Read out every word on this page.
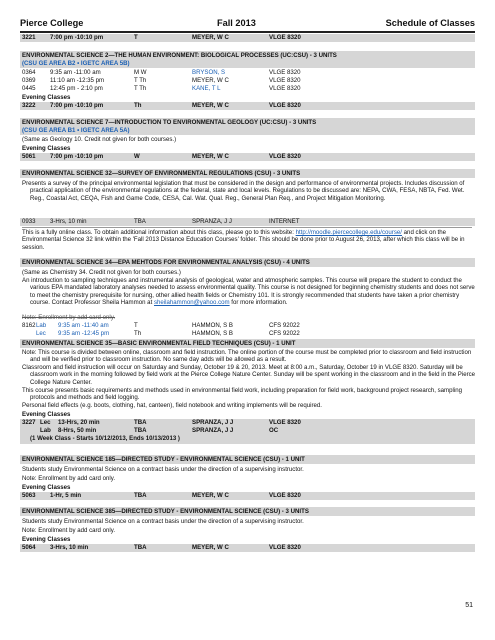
Pierce College	Fall 2013	Schedule of Classes
3221 7:00 pm -10:10 pm	T	MEYER, W C	VLGE 8320
ENVIRONMENTAL SCIENCE 2—THE HUMAN ENVIRONMENT: BIOLOGICAL PROCESSES (UC:CSU) - 3 UNITS
(CSU GE AREA B2 • IGETC AREA 5B)
0364 9:35 am -11:00 am	M W	BRYSON, S	VLGE 8320
0369 11:10 am -12:35 pm	T Th	MEYER, W C	VLGE 8320
0445 12:45 pm - 2:10 pm	T Th	KANE, T L	VLGE 8320
Evening Classes
3222 7:00 pm -10:10 pm	Th	MEYER, W C	VLGE 8320
ENVIRONMENTAL SCIENCE 7—INTRODUCTION TO ENVIRONMENTAL GEOLOGY (UC:CSU) - 3 UNITS
(CSU GE AREA B1 • IGETC AREA 5A)
(Same as Geology 10. Credit not given for both courses.)
Evening Classes
5061 7:00 pm -10:10 pm	W	MEYER, W C	VLGE 8320
ENVIRONMENTAL SCIENCE 32—SURVEY OF ENVIRONMENTAL REGULATIONS (CSU) - 3 UNITS
Presents a survey of the principal environmental legislation that must be considered in the design and performance of environmental projects. Includes discussion of practical application of the environmental regulations at the federal, state and local levels. Regulations to be discussed are: NEPA, CWA, FESA, NBTA, Fed. Wet. Reg., Coastal Act, CEQA, Fish and Game Code, CESA, Cal. Wat. Qual. Reg., General Plan Req., and Project Mitigation Monitoring.
0933 3-Hrs, 10 min	TBA	SPRANZA, J J	INTERNET
This is a fully online class. To obtain additional information about this class, please go to this website: http://moodle.piercecollege.edu/course/ and click on the Environmental Science 32 link within the 'Fall 2013 Distance Education Courses' folder. This should be done prior to August 26, 2013, after which this class will be in session.
ENVIRONMENTAL SCIENCE 34—EPA MEHTODS FOR ENVIRONMENTAL ANALYSIS (CSU) - 4 UNITS
(Same as Chemistry 34. Credit not given for both courses.)
An introduction to sampling techniques and instrumental analysis of geological, water and atmospheric samples. This course will prepare the student to conduct the various EPA mandated laboratory analyses needed to assess environmental quality. This course is not designed for beginning chemistry students and does not serve to meet the chemistry prerequisite for nursing, other allied health fields or Chemistry 101. It is strongly recommended that students have taken a prior chemistry course. Contact Professor Sheila Hammon at sheilahammon@yahoo.com for more information.
Note: Enrollment by add card only.
8162 Lab 9:35 am -11:40 am	T	HAMMON, S B	CFS 92022
Lec 9:35 am -12:45 pm	Th	HAMMON, S B	CFS 92022
ENVIRONMENTAL SCIENCE 35—BASIC ENVIRONMENTAL FIELD TECHNIQUES (CSU) - 1 UNIT
Note: This course is divided between online, classroom and field instruction. The online portion of the course must be completed prior to classroom and field instruction and will be verified prior to classroom instruction. No same day adds will be allowed as a result.
Classroom and field instruction will occur on Saturday and Sunday, October 19 & 20, 2013. Meet at 8:00 a.m., Saturday, October 19 in VLGE 8320. Saturday will be classroom work in the morning followed by field work at the Pierce College Nature Center. Sunday will be spent working in the classroom and in the field in the Pierce College Nature Center.
This course presents basic requirements and methods used in environmental field work, including preparation for field work, background project research, sampling protocols and methods and field logging.
Personal field effects (e.g. boots, clothing, hat, canteen), field notebook and writing implements will be required.
Evening Classes
3227 Lec 13-Hrs, 20 min	TBA	SPRANZA, J J	VLGE 8320
Lab 8-Hrs, 50 min	TBA	SPRANZA, J J	OC
(1 Week Class - Starts 10/12/2013, Ends 10/13/2013 )
ENVIRONMENTAL SCIENCE 185—DIRECTED STUDY - ENVIRONMENTAL SCIENCE (CSU) - 1 UNIT
Students study Environmental Science on a contract basis under the direction of a supervising instructor.
Note: Enrollment by add card only.
Evening Classes
5063 1-Hr, 5 min	TBA	MEYER, W C	VLGE 8320
ENVIRONMENTAL SCIENCE 385—DIRECTED STUDY - ENVIRONMENTAL SCIENCE (CSU) - 3 UNITS
Students study Environmental Science on a contract basis under the direction of a supervising instructor.
Note: Enrollment by add card only.
Evening Classes
5064 3-Hrs, 10 min	TBA	MEYER, W C	VLGE 8320
51
